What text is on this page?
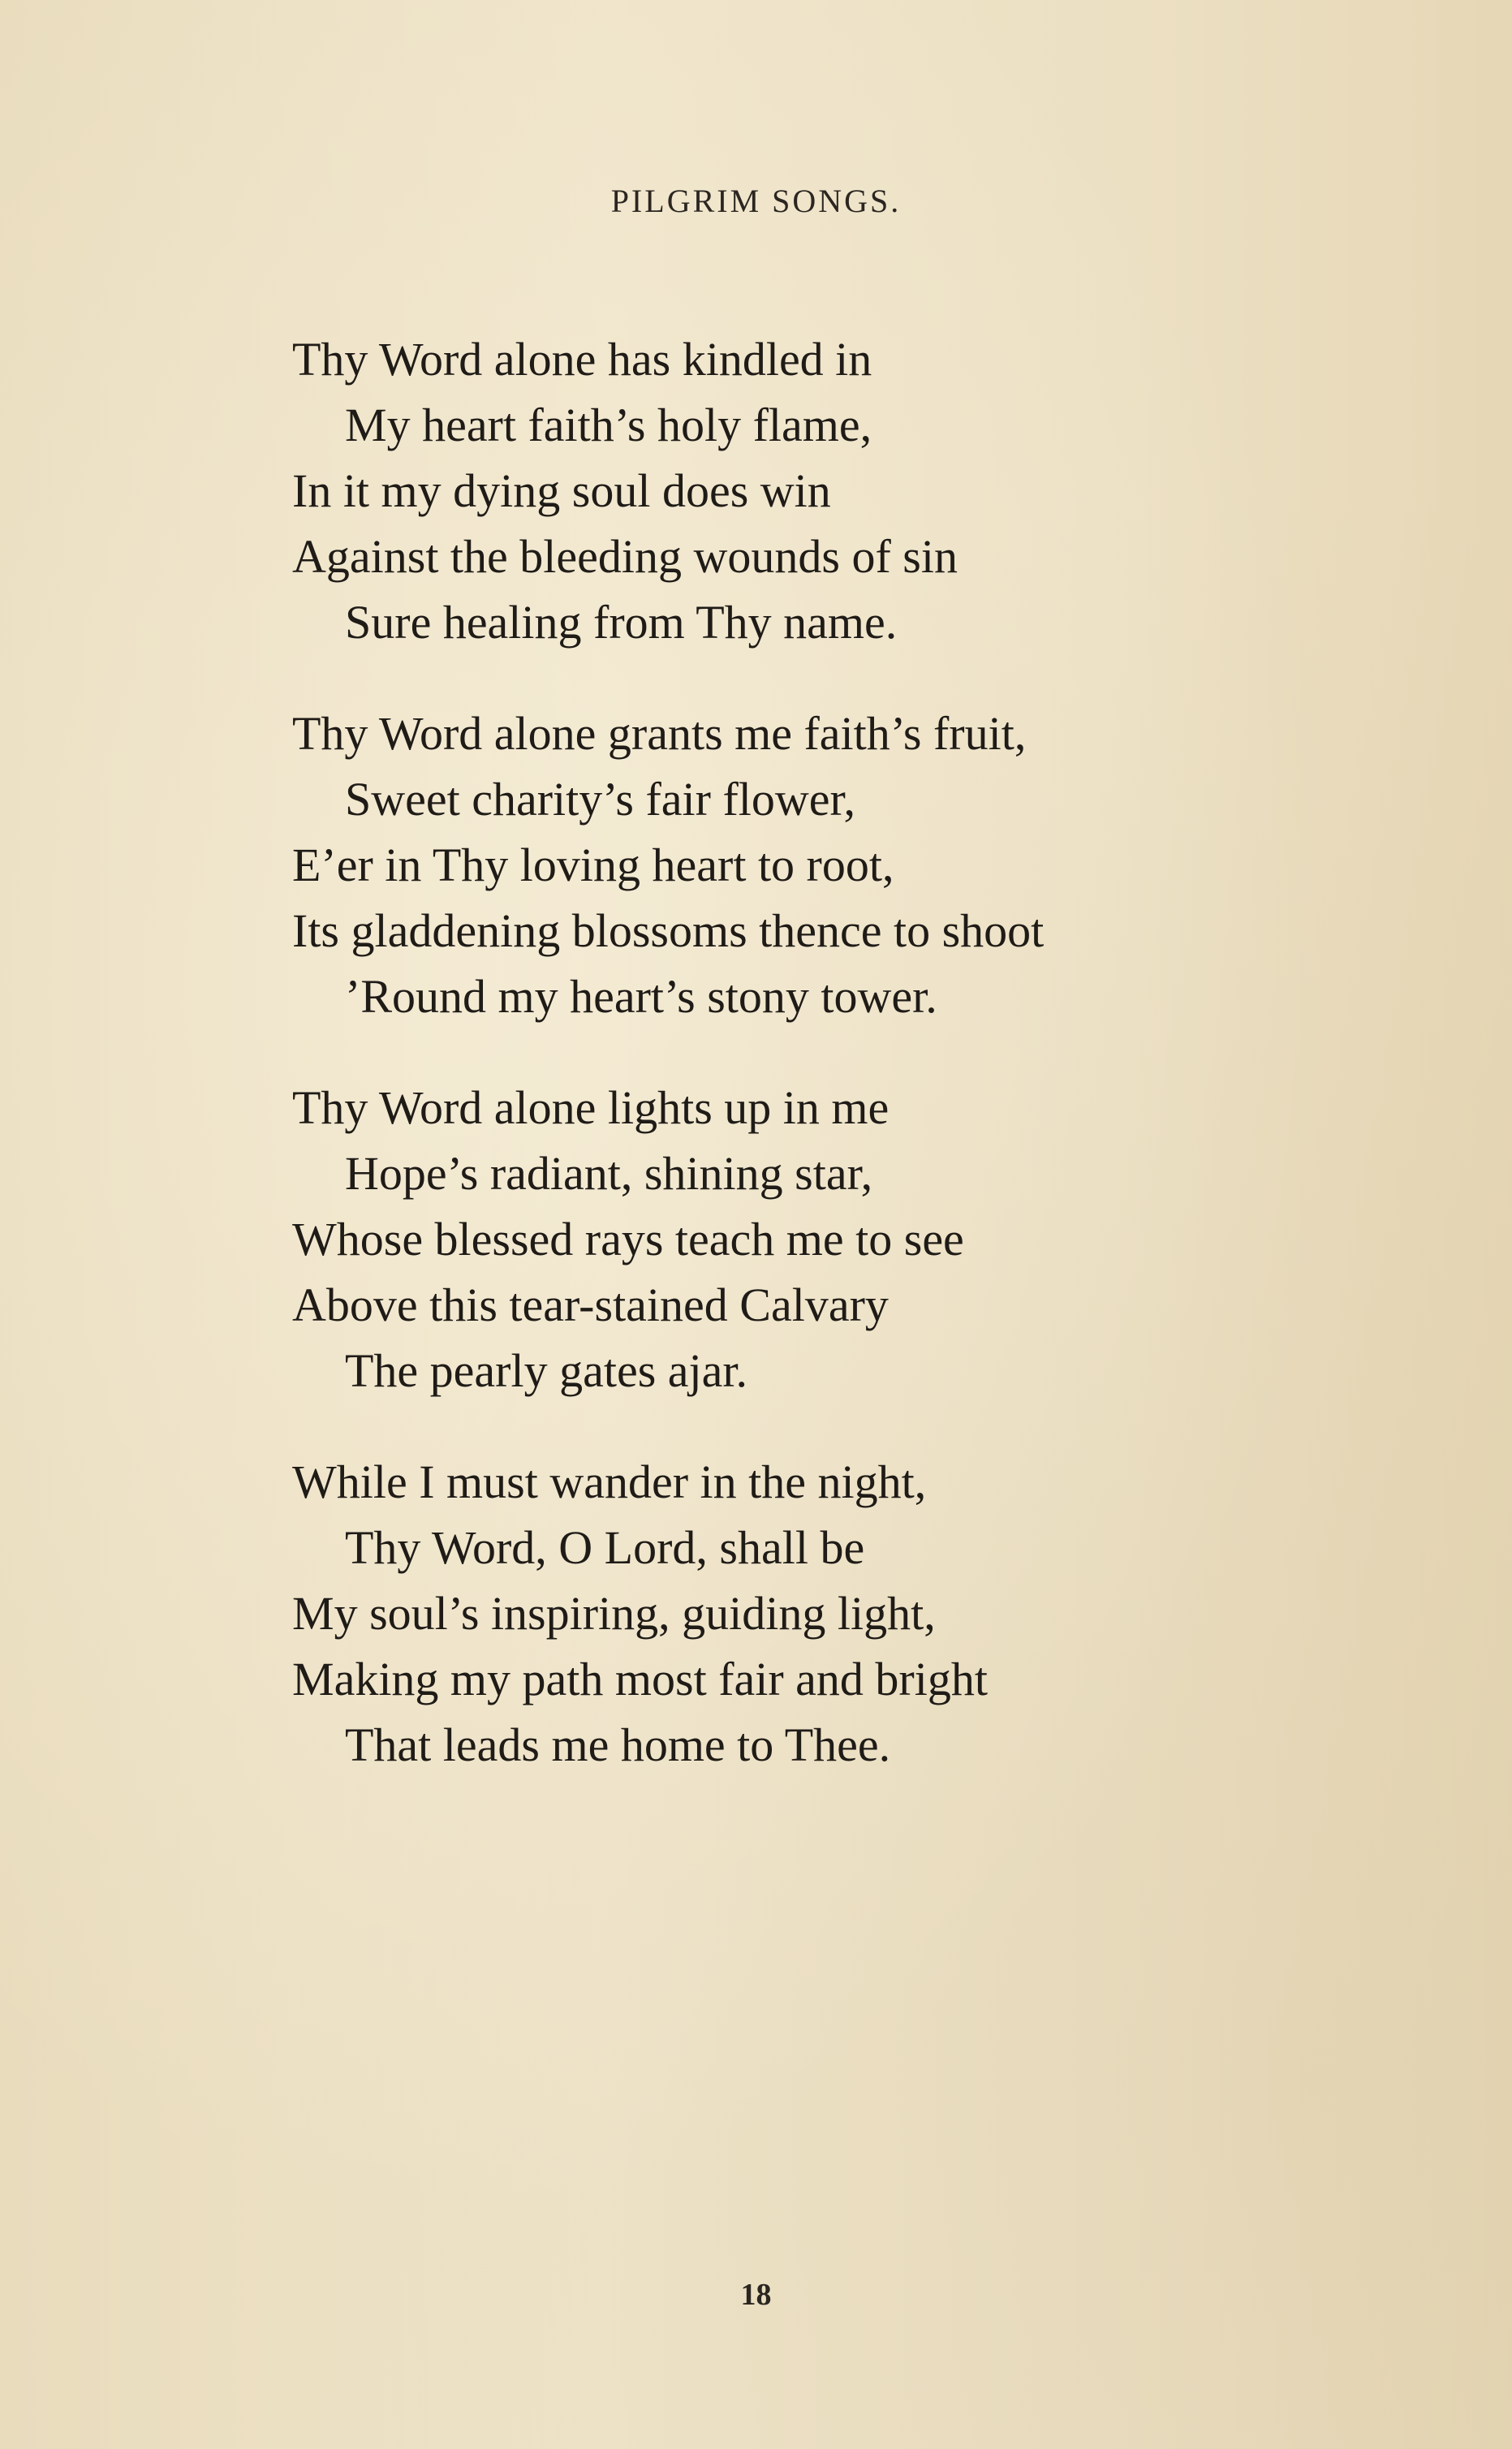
PILGRIM SONGS.
Thy Word alone has kindled in
My heart faith’s holy flame,
In it my dying soul does win
Against the bleeding wounds of sin
Sure healing from Thy name.
Thy Word alone grants me faith’s fruit,
Sweet charity’s fair flower,
E’er in Thy loving heart to root,
Its gladdening blossoms thence to shoot
’Round my heart’s stony tower.
Thy Word alone lights up in me
Hope’s radiant, shining star,
Whose blessed rays teach me to see
Above this tear-stained Calvary
The pearly gates ajar.
While I must wander in the night,
Thy Word, O Lord, shall be
My soul’s inspiring, guiding light,
Making my path most fair and bright
That leads me home to Thee.
18
